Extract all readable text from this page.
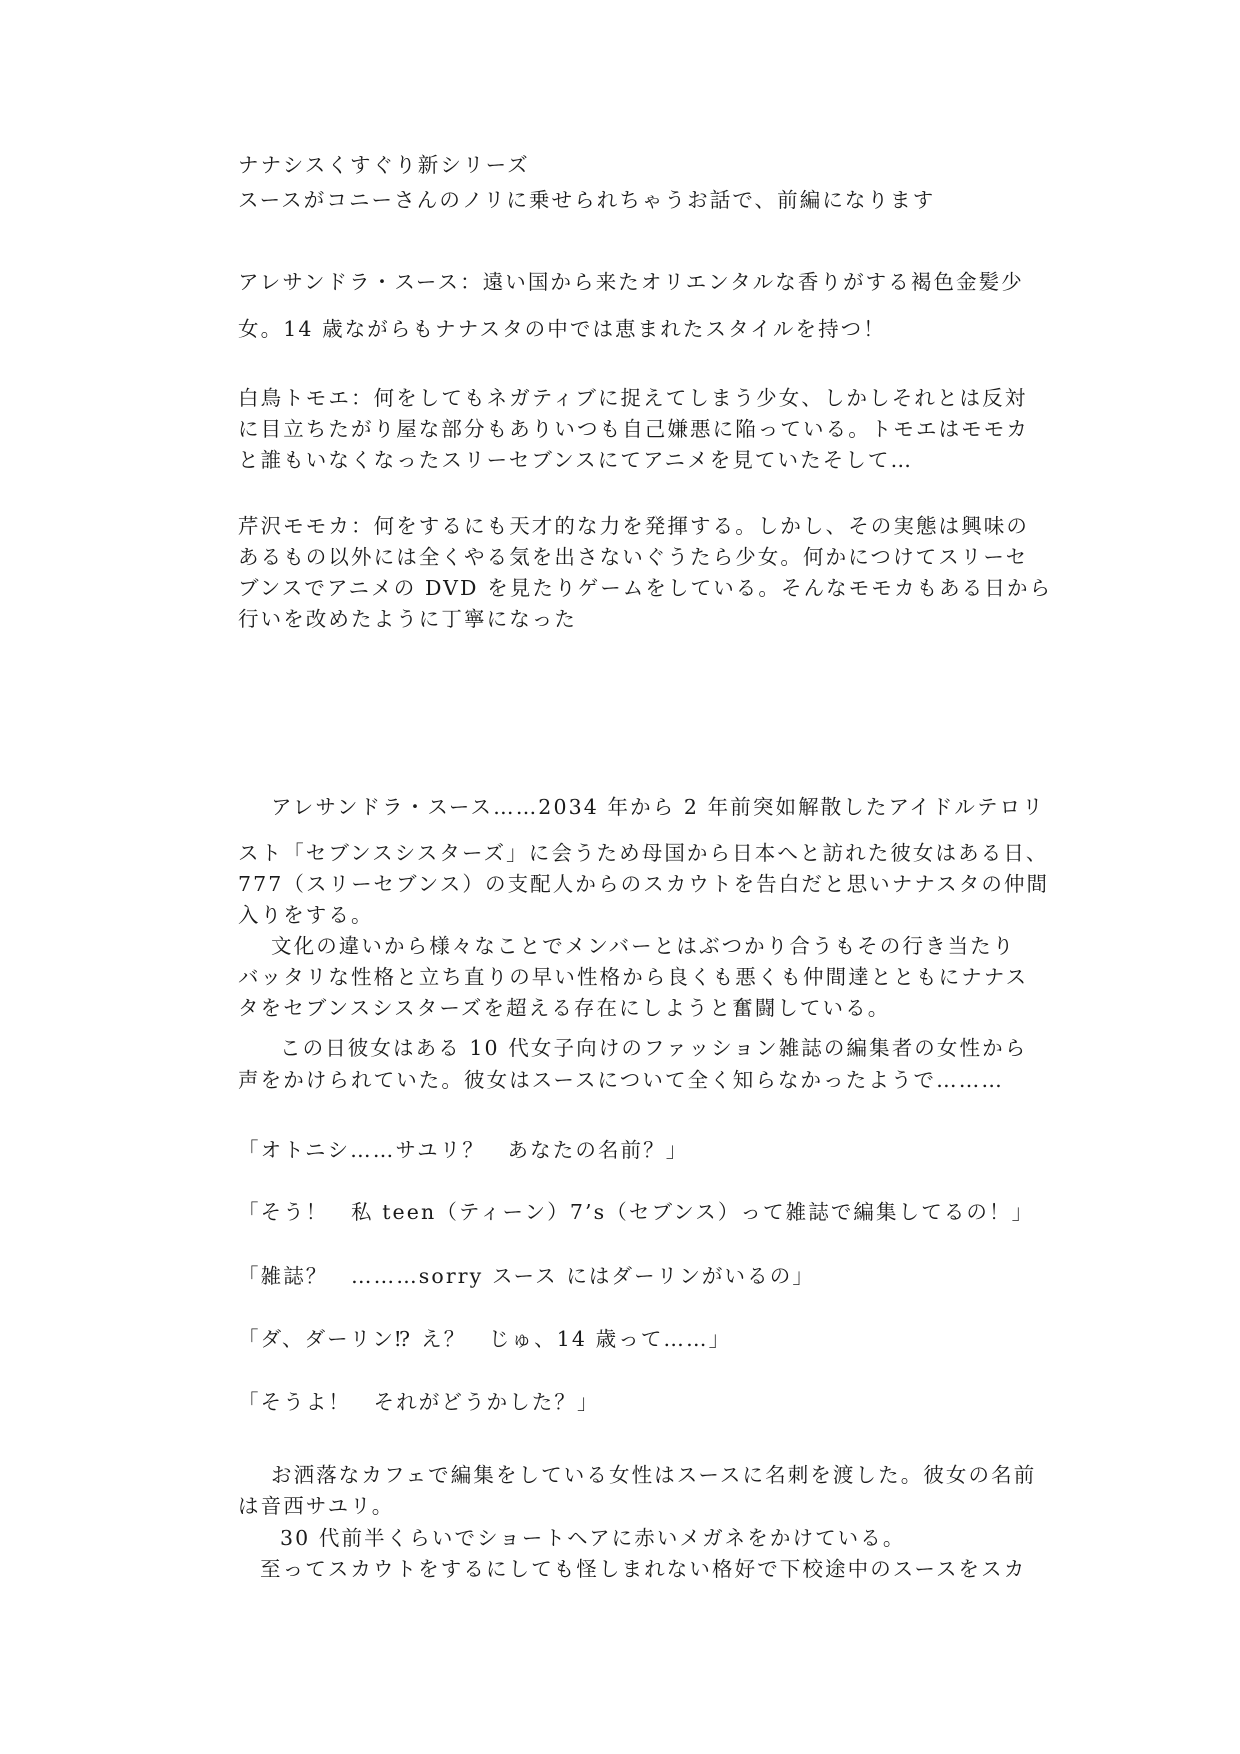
ナナシスくすぐり新シリーズ
スースがコニーさんのノリに乗せられちゃうお話で、前編になります
アレサンドラ・スース：遠い国から来たオリエンタルな香りがする褐色金髪少
女。14 歳ながらもナナスタの中では恵まれたスタイルを持つ！
白鳥トモエ：何をしてもネガティブに捉えてしまう少女、しかしそれとは反対
に目立ちたがり屋な部分もありいつも自己嫌悪に陥っている。トモエはモモカ
と誰もいなくなったスリーセブンスにてアニメを見ていたそして…
芹沢モモカ：何をするにも天才的な力を発揮する。しかし、その実態は興味の
あるもの以外には全くやる気を出さないぐうたら少女。何かにつけてスリーセ
ブンスでアニメの DVD を見たりゲームをしている。そんなモモカもある日から
行いを改めたように丁寧になった
アレサンドラ・スース……2034 年から 2 年前突如解散したアイドルテロリ
スト「セブンスシスターズ」に会うため母国から日本へと訪れた彼女はある日、
777（スリーセブンス）の支配人からのスカウトを告白だと思いナナスタの仲間
入りをする。
文化の違いから様々なことでメンバーとはぶつかり合うもその行き当たり
バッタリな性格と立ち直りの早い性格から良くも悪くも仲間達とともにナナス
タをセブンスシスターズを超える存在にしようと奮闘している。
この日彼女はある 10 代女子向けのファッション雑誌の編集者の女性から
声をかけられていた。彼女はスースについて全く知らなかったようで………
「オトニシ……サユリ？　あなたの名前？」
「そう！　私 teen（ティーン）7’s（セブンス）って雑誌で編集してるの！」
「雑誌？　………sorry スース にはダーリンがいるの」
「ダ、ダーリン⁉ え？　じゅ、14 歳って……」
「そうよ！　それがどうかした？」
お洒落なカフェで編集をしている女性はスースに名刺を渡した。彼女の名前
は音西サユリ。
30 代前半くらいでショートヘアに赤いメガネをかけている。
至ってスカウトをするにしても怪しまれない格好で下校途中のスースをスカ
